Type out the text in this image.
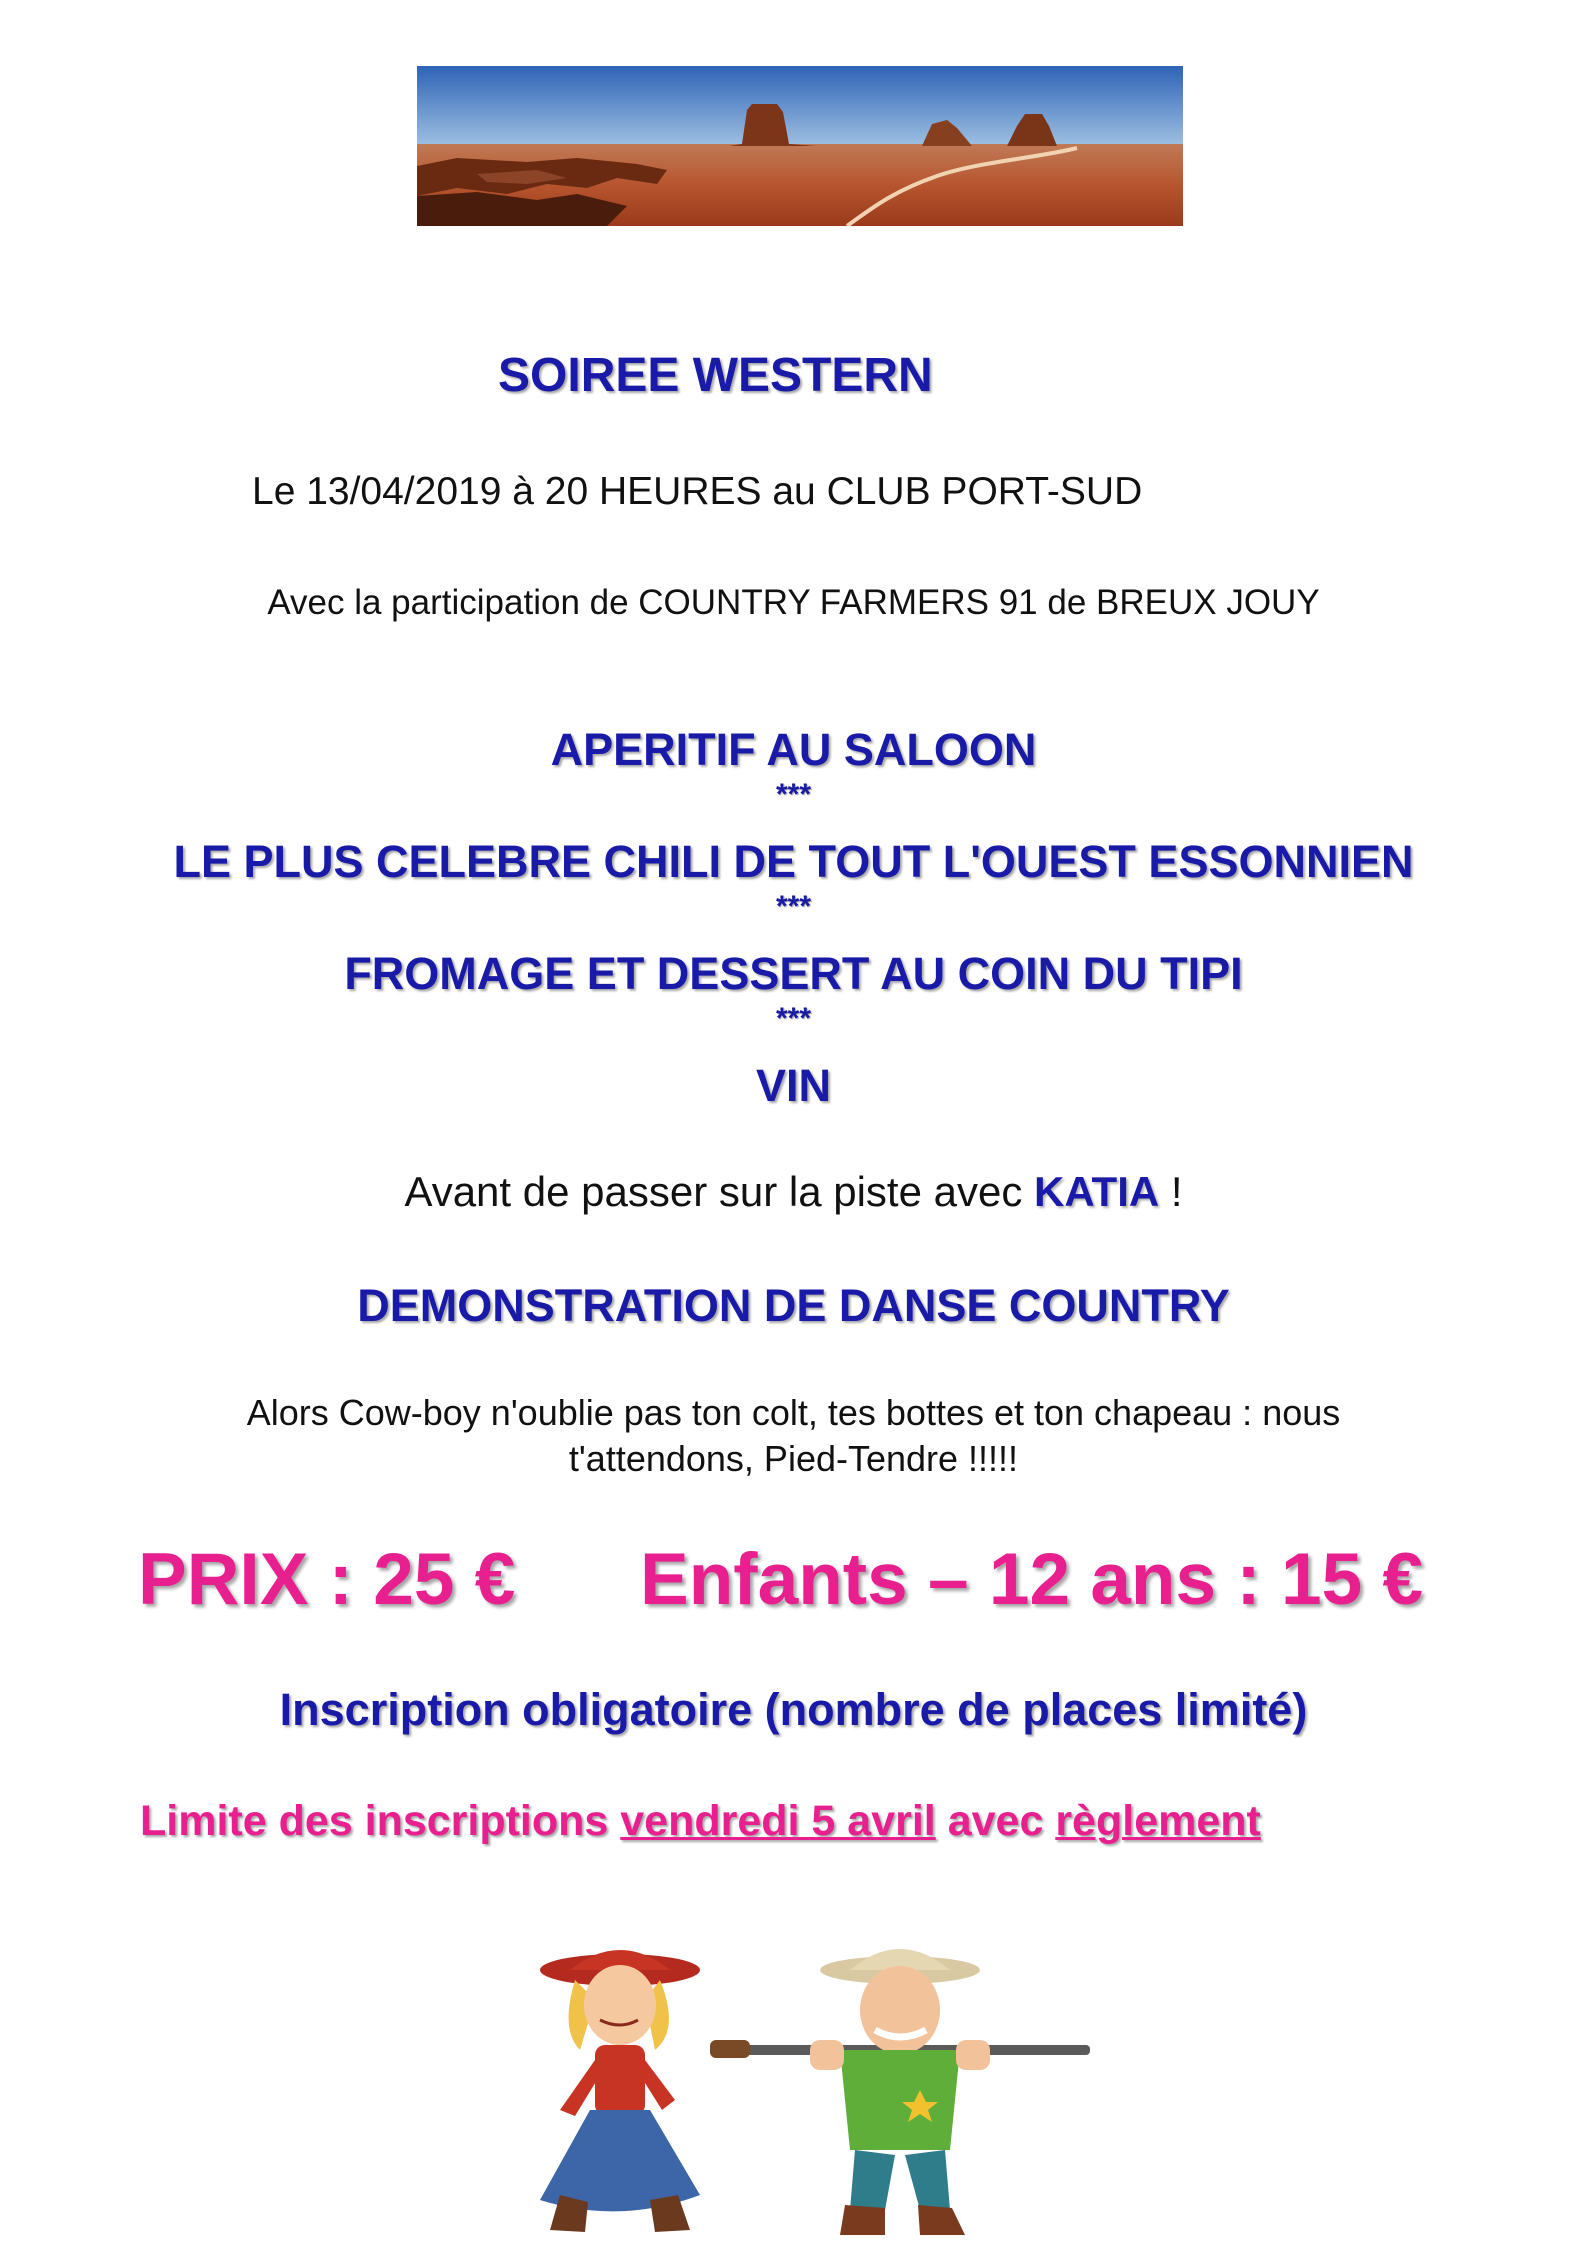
SOIREE WESTERN
Le 13/04/2019 à 20 HEURES au CLUB PORT-SUD
Avec la participation de COUNTRY FARMERS 91 de BREUX JOUY
APERITIF AU SALOON
***
LE PLUS CELEBRE CHILI DE TOUT L'OUEST ESSONNIEN
***
FROMAGE ET DESSERT AU COIN DU TIPI
***
VIN
Avant de passer sur la piste avec KATIA !
DEMONSTRATION DE DANSE COUNTRY
Alors Cow-boy n'oublie pas ton colt, tes bottes et ton chapeau : nous
t'attendons, Pied-Tendre !!!!!
PRIX : 25 € Enfants – 12 ans : 15 €
Inscription obligatoire (nombre de places limité)
Limite des inscriptions vendredi 5 avril avec règlement
